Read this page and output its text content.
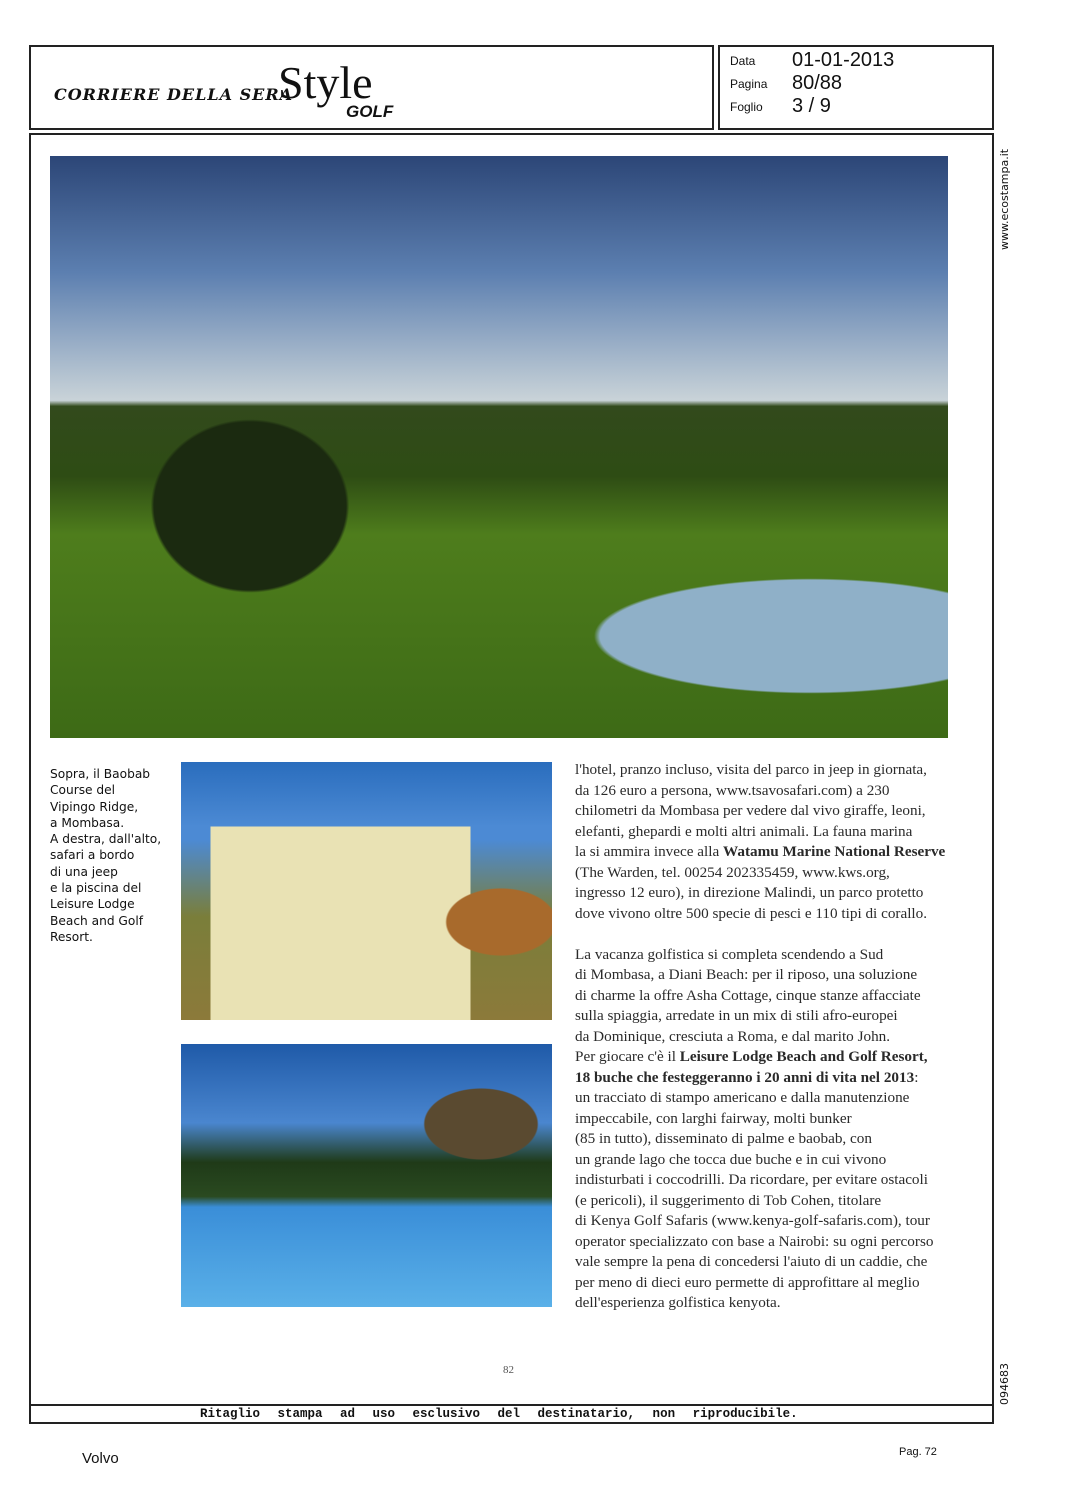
CORRIERE DELLA SERA
Style
GOLF
Data 01-01-2013
Pagina 80/88
Foglio 3 / 9
www.ecostampa.it
094683
Sopra, il Baobab
Course del
Vipingo Ridge,
a Mombasa.
A destra, dall'alto,
safari a bordo
di una jeep
e la piscina del
Leisure Lodge
Beach and Golf
Resort.
l'hotel, pranzo incluso, visita del parco in jeep in giornata,
da 126 euro a persona, www.tsavosafari.com) a 230
chilometri da Mombasa per vedere dal vivo giraffe, leoni,
elefanti, ghepardi e molti altri animali. La fauna marina
la si ammira invece alla Watamu Marine National Reserve
(The Warden, tel. 00254 202335459, www.kws.org,
ingresso 12 euro), in direzione Malindi, un parco protetto
dove vivono oltre 500 specie di pesci e 110 tipi di corallo.
La vacanza golfistica si completa scendendo a Sud
di Mombasa, a Diani Beach: per il riposo, una soluzione
di charme la offre Asha Cottage, cinque stanze affacciate
sulla spiaggia, arredate in un mix di stili afro-europei
da Dominique, cresciuta a Roma, e dal marito John.
Per giocare c'è il Leisure Lodge Beach and Golf Resort,
18 buche che festeggeranno i 20 anni di vita nel 2013:
un tracciato di stampo americano e dalla manutenzione
impeccabile, con larghi fairway, molti bunker
(85 in tutto), disseminato di palme e baobab, con
un grande lago che tocca due buche e in cui vivono
indisturbati i coccodrilli. Da ricordare, per evitare ostacoli
(e pericoli), il suggerimento di Tob Cohen, titolare
di Kenya Golf Safaris (www.kenya-golf-safaris.com), tour
operator specializzato con base a Nairobi: su ogni percorso
vale sempre la pena di concedersi l'aiuto di un caddie, che
per meno di dieci euro permette di approfittare al meglio
dell'esperienza golfistica kenyota.
82
Ritaglio stampa ad uso esclusivo del destinatario, non riproducibile.
Volvo	Pag. 72
